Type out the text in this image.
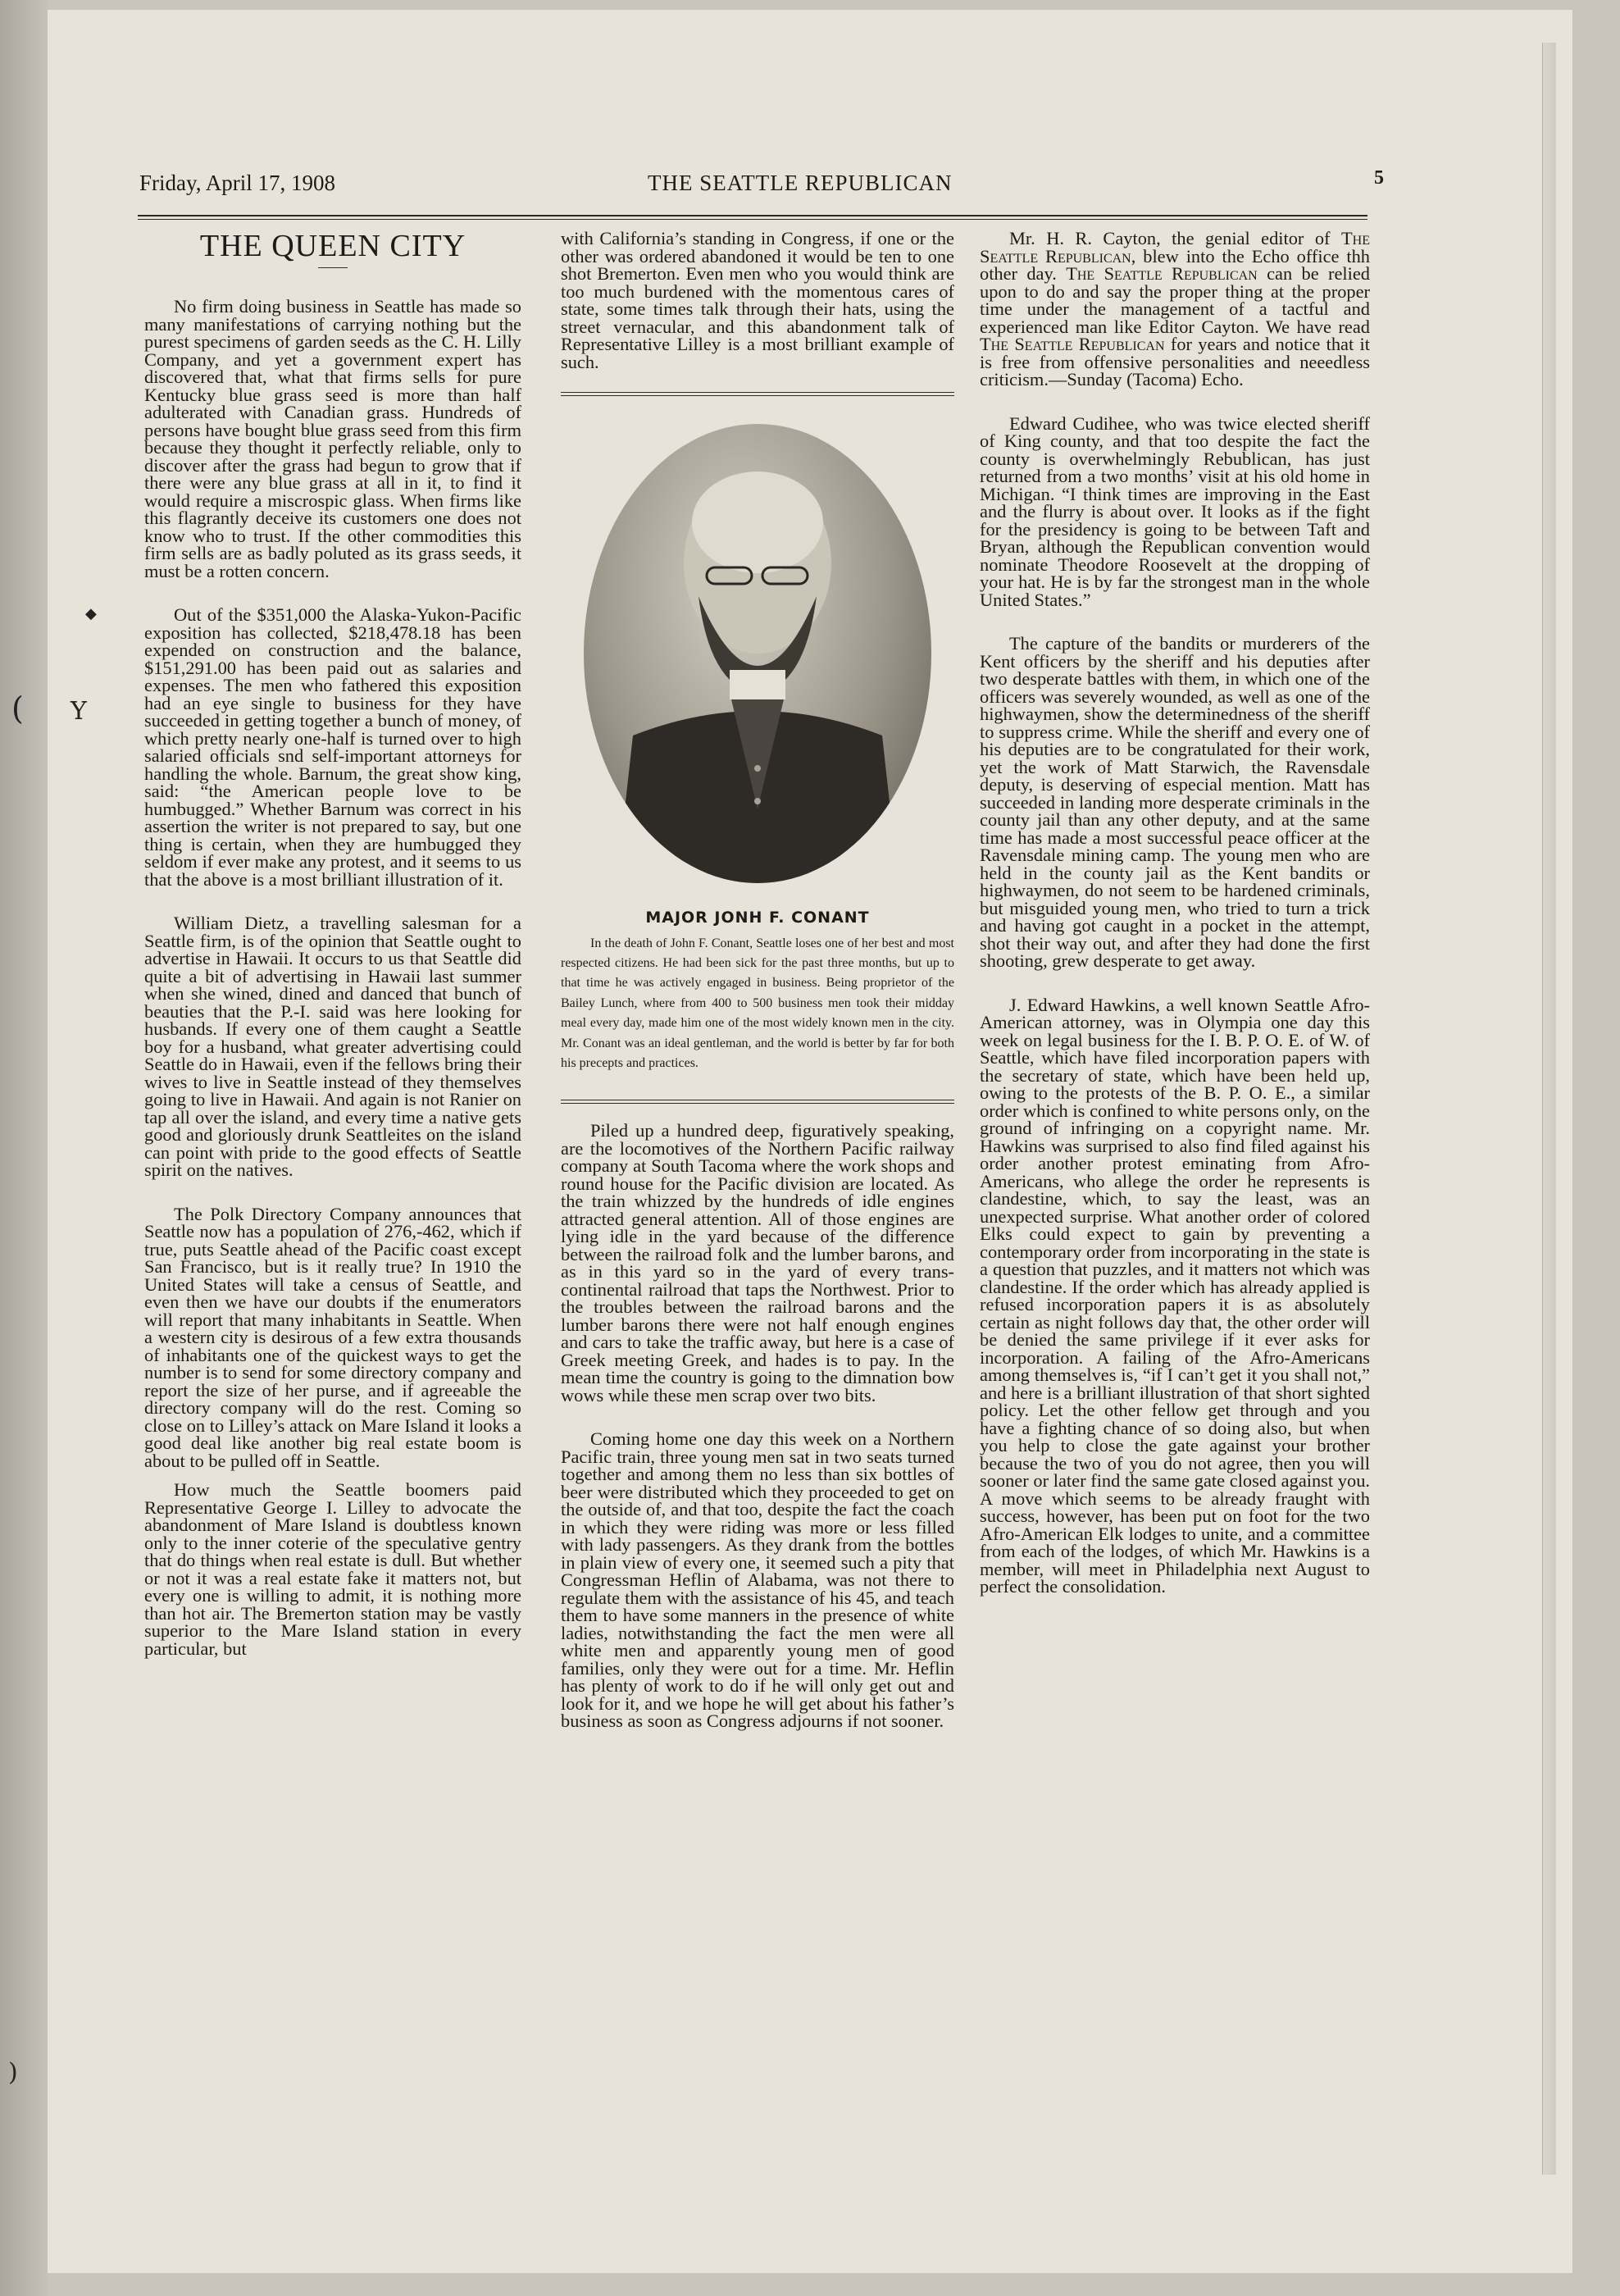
( Y
◆
)
Friday, April 17, 1908	THE SEATTLE REPUBLICAN	5
THE QUEEN CITY

No firm doing business in Seattle has made so many manifestations of carrying nothing but the purest specimens of garden seeds as the C. H. Lilly Company, and yet a government expert has discovered that, what that firms sells for pure Kentucky blue grass seed is more than half adulterated with Canadian grass. Hundreds of persons have bought blue grass seed from this firm because they thought it perfectly reliable, only to discover after the grass had begun to grow that if there were any blue grass at all in it, to find it would require a miscrospic glass. When firms like this flagrantly deceive its customers one does not know who to trust. If the other commodities this firm sells are as badly poluted as its grass seeds, it must be a rotten concern.

Out of the $351,000 the Alaska-Yukon-Pacific exposition has collected, $218,478.18 has been expended on construction and the balance, $151,291.00 has been paid out as salaries and expenses. The men who fathered this exposition had an eye single to business for they have succeeded in getting together a bunch of money, of which pretty nearly one-half is turned over to high salaried officials snd self-important attorneys for handling the whole. Barnum, the great show king, said: “the American people love to be humbugged.” Whether Barnum was correct in his assertion the writer is not prepared to say, but one thing is certain, when they are humbugged they seldom if ever make any protest, and it seems to us that the above is a most brilliant illustration of it.

William Dietz, a travelling salesman for a Seattle firm, is of the opinion that Seattle ought to advertise in Hawaii. It occurs to us that Seattle did quite a bit of advertising in Hawaii last summer when she wined, dined and danced that bunch of beauties that the P.-I. said was here looking for husbands. If every one of them caught a Seattle boy for a husband, what greater advertising could Seattle do in Hawaii, even if the fellows bring their wives to live in Seattle instead of they themselves going to live in Hawaii. And again is not Ranier on tap all over the island, and every time a native gets good and gloriously drunk Seattleites on the island can point with pride to the good effects of Seattle spirit on the natives.

The Polk Directory Company announces that Seattle now has a population of 276,-462, which if true, puts Seattle ahead of the Pacific coast except San Francisco, but is it really true? In 1910 the United States will take a census of Seattle, and even then we have our doubts if the enumerators will report that many inhabitants in Seattle. When a western city is desirous of a few extra thousands of inhabitants one of the quickest ways to get the number is to send for some directory company and report the size of her purse, and if agreeable the directory company will do the rest. Coming so close on to Lilley’s attack on Mare Island it looks a good deal like another big real estate boom is about to be pulled off in Seattle.

How much the Seattle boomers paid Representative George I. Lilley to advocate the abandonment of Mare Island is doubtless known only to the inner coterie of the speculative gentry that do things when real estate is dull. But whether or not it was a real estate fake it matters not, but every one is willing to admit, it is nothing more than hot air. The Bremerton station may be vastly superior to the Mare Island station in every particular, but

with California’s standing in Congress, if one or the other was ordered abandoned it would be ten to one shot Bremerton. Even men who you would think are too much burdened with the momentous cares of state, some times talk through their hats, using the street vernacular, and this abandonment talk of Representative Lilley is a most brilliant example of such.

MAJOR JONH F. CONANT

In the death of John F. Conant, Seattle loses one of her best and most respected citizens. He had been sick for the past three months, but up to that time he was actively engaged in business. Being proprietor of the Bailey Lunch, where from 400 to 500 business men took their midday meal every day, made him one of the most widely known men in the city. Mr. Conant was an ideal gentleman, and the world is better by far for both his precepts and practices.

Piled up a hundred deep, figuratively speaking, are the locomotives of the Northern Pacific railway company at South Tacoma where the work shops and round house for the Pacific division are located. As the train whizzed by the hundreds of idle engines attracted general attention. All of those engines are lying idle in the yard because of the difference between the railroad folk and the lumber barons, and as in this yard so in the yard of every trans-continental railroad that taps the Northwest. Prior to the troubles between the railroad barons and the lumber barons there were not half enough engines and cars to take the traffic away, but here is a case of Greek meeting Greek, and hades is to pay. In the mean time the country is going to the dimnation bow wows while these men scrap over two bits.

Coming home one day this week on a Northern Pacific train, three young men sat in two seats turned together and among them no less than six bottles of beer were distributed which they proceeded to get on the outside of, and that too, despite the fact the coach in which they were riding was more or less filled with lady passengers. As they drank from the bottles in plain view of every one, it seemed such a pity that Congressman Heflin of Alabama, was not there to regulate them with the assistance of his 45, and teach them to have some manners in the presence of white ladies, notwithstanding the fact the men were all white men and apparently young men of good families, only they were out for a time. Mr. Heflin has plenty of work to do if he will only get out and look for it, and we hope he will get about his father’s business as soon as Congress adjourns if not sooner.

Mr. H. R. Cayton, the genial editor of The Seattle Republican, blew into the Echo office thh other day. The Seattle Republican can be relied upon to do and say the proper thing at the proper time under the management of a tactful and experienced man like Editor Cayton. We have read The Seattle Republican for years and notice that it is free from offensive personalities and neeedless criticism.—Sunday (Tacoma) Echo.

Edward Cudihee, who was twice elected sheriff of King county, and that too despite the fact the county is overwhelmingly Rebublican, has just returned from a two months’ visit at his old home in Michigan. “I think times are improving in the East and the flurry is about over. It looks as if the fight for the presidency is going to be between Taft and Bryan, although the Republican convention would nominate Theodore Roosevelt at the dropping of your hat. He is by far the strongest man in the whole United States.”

The capture of the bandits or murderers of the Kent officers by the sheriff and his deputies after two desperate battles with them, in which one of the officers was severely wounded, as well as one of the highwaymen, show the determinedness of the sheriff to suppress crime. While the sheriff and every one of his deputies are to be congratulated for their work, yet the work of Matt Starwich, the Ravensdale deputy, is deserving of especial mention. Matt has succeeded in landing more desperate criminals in the county jail than any other deputy, and at the same time has made a most successful peace officer at the Ravensdale mining camp. The young men who are held in the county jail as the Kent bandits or highwaymen, do not seem to be hardened criminals, but misguided young men, who tried to turn a trick and having got caught in a pocket in the attempt, shot their way out, and after they had done the first shooting, grew desperate to get away.

J. Edward Hawkins, a well known Seattle Afro-American attorney, was in Olympia one day this week on legal business for the I. B. P. O. E. of W. of Seattle, which have filed incorporation papers with the secretary of state, which have been held up, owing to the protests of the B. P. O. E., a similar order which is confined to white persons only, on the ground of infringing on a copyright name. Mr. Hawkins was surprised to also find filed against his order another protest eminating from Afro-Americans, who allege the order he represents is clandestine, which, to say the least, was an unexpected surprise. What another order of colored Elks could expect to gain by preventing a contemporary order from incorporating in the state is a question that puzzles, and it matters not which was clandestine. If the order which has already applied is refused incorporation papers it is as absolutely certain as night follows day that, the other order will be denied the same privilege if it ever asks for incorporation. A failing of the Afro-Americans among themselves is, “if I can’t get it you shall not,” and here is a brilliant illustration of that short sighted policy. Let the other fellow get through and you have a fighting chance of so doing also, but when you help to close the gate against your brother because the two of you do not agree, then you will sooner or later find the same gate closed against you. A move which seems to be already fraught with success, however, has been put on foot for the two Afro-American Elk lodges to unite, and a committee from each of the lodges, of which Mr. Hawkins is a member, will meet in Philadelphia next August to perfect the consolidation.
